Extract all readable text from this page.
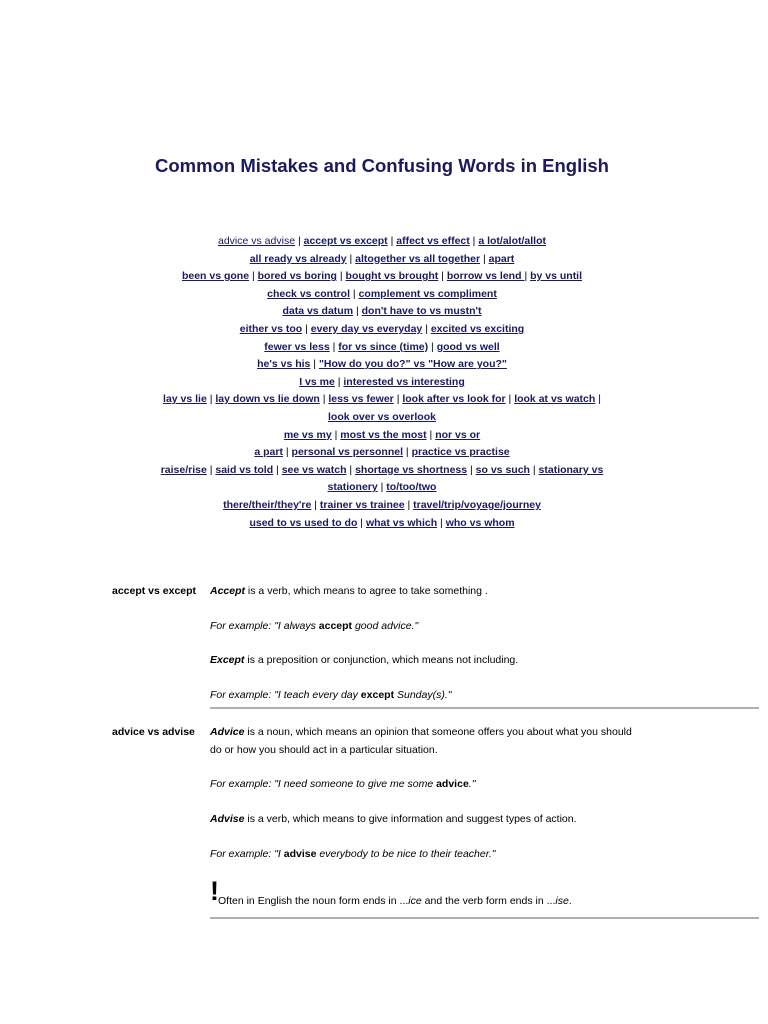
Common Mistakes and Confusing Words in English
advice vs advise | accept vs except | affect vs effect | a lot/alot/allot
all ready vs already | altogether vs all together | apart
been vs gone | bored vs boring | bought vs brought | borrow vs lend | by vs until
check vs control | complement vs compliment
data vs datum | don't have to vs mustn't
either vs too | every day vs everyday | excited vs exciting
fewer vs less | for vs since (time) | good vs well
he's vs his | "How do you do?" vs "How are you?"
I vs me | interested vs interesting
lay vs lie | lay down vs lie down | less vs fewer | look after vs look for | look at vs watch |
look over vs overlook
me vs my | most vs the most | nor vs or
a part | personal vs personnel | practice vs practise
raise/rise | said vs told | see vs watch | shortage vs shortness | so vs such | stationary vs
stationery | to/too/two
there/their/they're | trainer vs trainee | travel/trip/voyage/journey
used to vs used to do | what vs which | who vs whom
accept vs except Accept is a verb, which means to agree to take something .
For example: "I always accept good advice."
Except is a preposition or conjunction, which means not including.
For example: "I teach every day except Sunday(s)."
advice vs advise Advice is a noun, which means an opinion that someone offers you about what you should
do or how you should act in a particular situation.
For example: "I need someone to give me some advice."
Advise is a verb, which means to give information and suggest types of action.
For example: "I advise everybody to be nice to their teacher."
! Often in English the noun form ends in ...ice and the verb form ends in ...ise.
